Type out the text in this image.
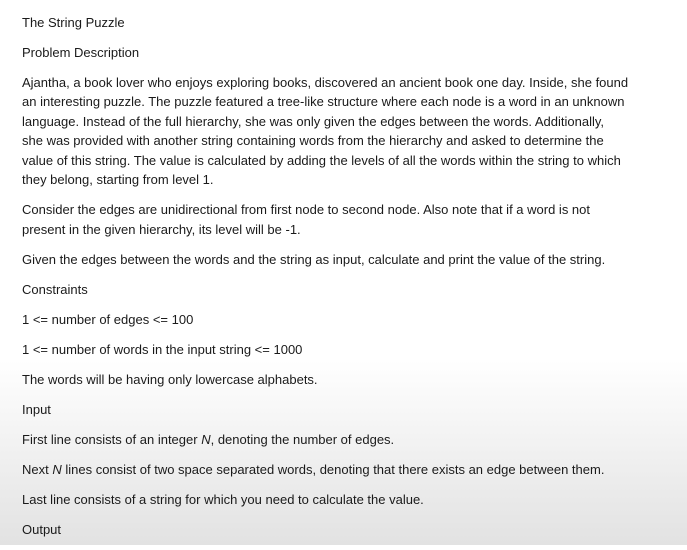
The String Puzzle
Problem Description
Ajantha, a book lover who enjoys exploring books, discovered an ancient book one day. Inside, she found
an interesting puzzle. The puzzle featured a tree-like structure where each node is a word in an unknown
language. Instead of the full hierarchy, she was only given the edges between the words. Additionally,
she was provided with another string containing words from the hierarchy and asked to determine the
value of this string. The value is calculated by adding the levels of all the words within the string to which
they belong, starting from level 1.
Consider the edges are unidirectional from first node to second node. Also note that if a word is not
present in the given hierarchy, its level will be -1.
Given the edges between the words and the string as input, calculate and print the value of the string.
Constraints
1 <= number of edges <= 100
1 <= number of words in the input string <= 1000
The words will be having only lowercase alphabets.
Input
First line consists of an integer N, denoting the number of edges.
Next N lines consist of two space separated words, denoting that there exists an edge between them.
Last line consists of a string for which you need to calculate the value.
Output
